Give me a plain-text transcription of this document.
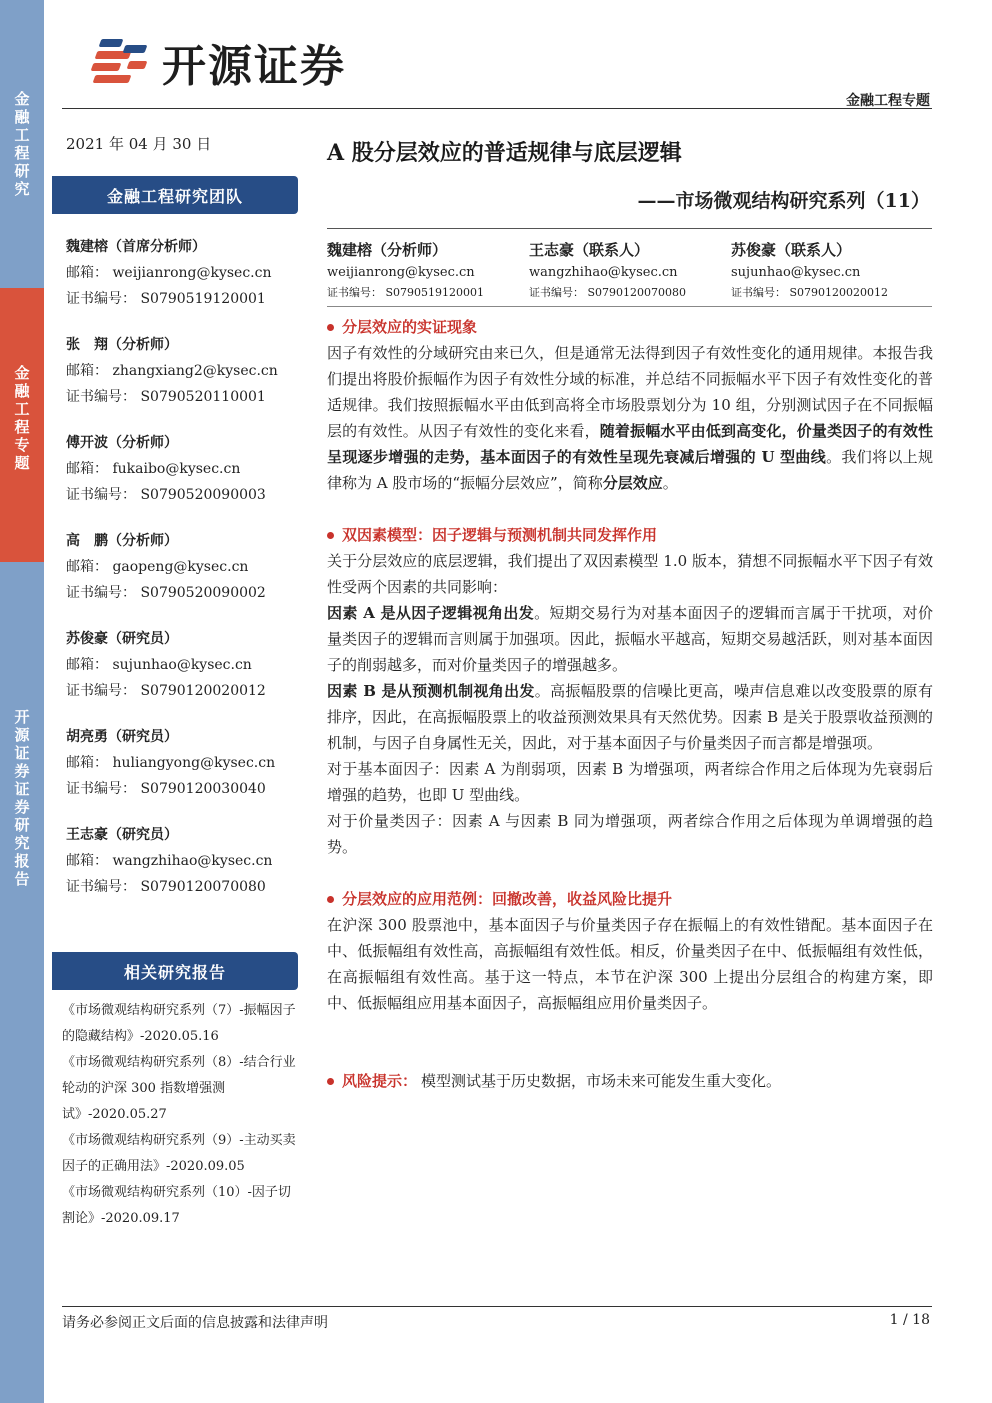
金融工程研究
金融工程专题
开源证券 证券研究报告
开源证券
金融工程专题
2021 年 04 月 30 日
金融工程研究团队
魏建榕（首席分析师）
邮箱： weijianrong@kysec.cn
证书编号： S0790519120001
张　翔（分析师）
邮箱： zhangxiang2@kysec.cn
证书编号： S0790520110001
傅开波（分析师）
邮箱： fukaibo@kysec.cn
证书编号： S0790520090003
高　鹏（分析师）
邮箱： gaopeng@kysec.cn
证书编号： S0790520090002
苏俊豪（研究员）
邮箱： sujunhao@kysec.cn
证书编号： S0790120020012
胡亮勇（研究员）
邮箱： huliangyong@kysec.cn
证书编号： S0790120030040
王志豪（研究员）
邮箱： wangzhihao@kysec.cn
证书编号： S0790120070080
相关研究报告
《市场微观结构研究系列（7）-振幅因子的隐藏结构》-2020.05.16
《市场微观结构研究系列（8）-结合行业轮动的沪深 300 指数增强测试》-2020.05.27
《市场微观结构研究系列（9）-主动买卖因子的正确用法》-2020.09.05
《市场微观结构研究系列（10）-因子切割论》-2020.09.17
A 股分层效应的普适规律与底层逻辑
——市场微观结构研究系列（11）
魏建榕（分析师）
weijianrong@kysec.cn
证书编号： S0790519120001
王志豪（联系人）
wangzhihao@kysec.cn
证书编号： S0790120070080
苏俊豪（联系人）
sujunhao@kysec.cn
证书编号： S0790120020012
分层效应的实证现象

因子有效性的分域研究由来已久，但是通常无法得到因子有效性变化的通用规律。本报告我们提出将股价振幅作为因子有效性分域的标准，并总结不同振幅水平下因子有效性变化的普适规律。我们按照振幅水平由低到高将全市场股票划分为 10 组，分别测试因子在不同振幅层的有效性。从因子有效性的变化来看，随着振幅水平由低到高变化，价量类因子的有效性呈现逐步增强的走势，基本面因子的有效性呈现先衰减后增强的 U 型曲线。我们将以上规律称为 A 股市场的“振幅分层效应”，简称分层效应。

双因素模型：因子逻辑与预测机制共同发挥作用

关于分层效应的底层逻辑，我们提出了双因素模型 1.0 版本，猜想不同振幅水平下因子有效性受两个因素的共同影响：

因素 A 是从因子逻辑视角出发。短期交易行为对基本面因子的逻辑而言属于干扰项，对价量类因子的逻辑而言则属于加强项。因此，振幅水平越高，短期交易越活跃，则对基本面因子的削弱越多，而对价量类因子的增强越多。

因素 B 是从预测机制视角出发。高振幅股票的信噪比更高，噪声信息难以改变股票的原有排序，因此，在高振幅股票上的收益预测效果具有天然优势。因素 B 是关于股票收益预测的机制，与因子自身属性无关，因此，对于基本面因子与价量类因子而言都是增强项。

对于基本面因子：因素 A 为削弱项，因素 B 为增强项，两者综合作用之后体现为先衰弱后增强的趋势，也即 U 型曲线。

对于价量类因子：因素 A 与因素 B 同为增强项，两者综合作用之后体现为单调增强的趋势。

分层效应的应用范例：回撤改善，收益风险比提升

在沪深 300 股票池中，基本面因子与价量类因子存在振幅上的有效性错配。基本面因子在中、低振幅组有效性高，高振幅组有效性低。相反，价量类因子在中、低振幅组有效性低，在高振幅组有效性高。基于这一特点，本节在沪深 300 上提出分层组合的构建方案，即中、低振幅组应用基本面因子，高振幅组应用价量类因子。

风险提示： 模型测试基于历史数据，市场未来可能发生重大变化。
请务必参阅正文后面的信息披露和法律声明	1 / 18
